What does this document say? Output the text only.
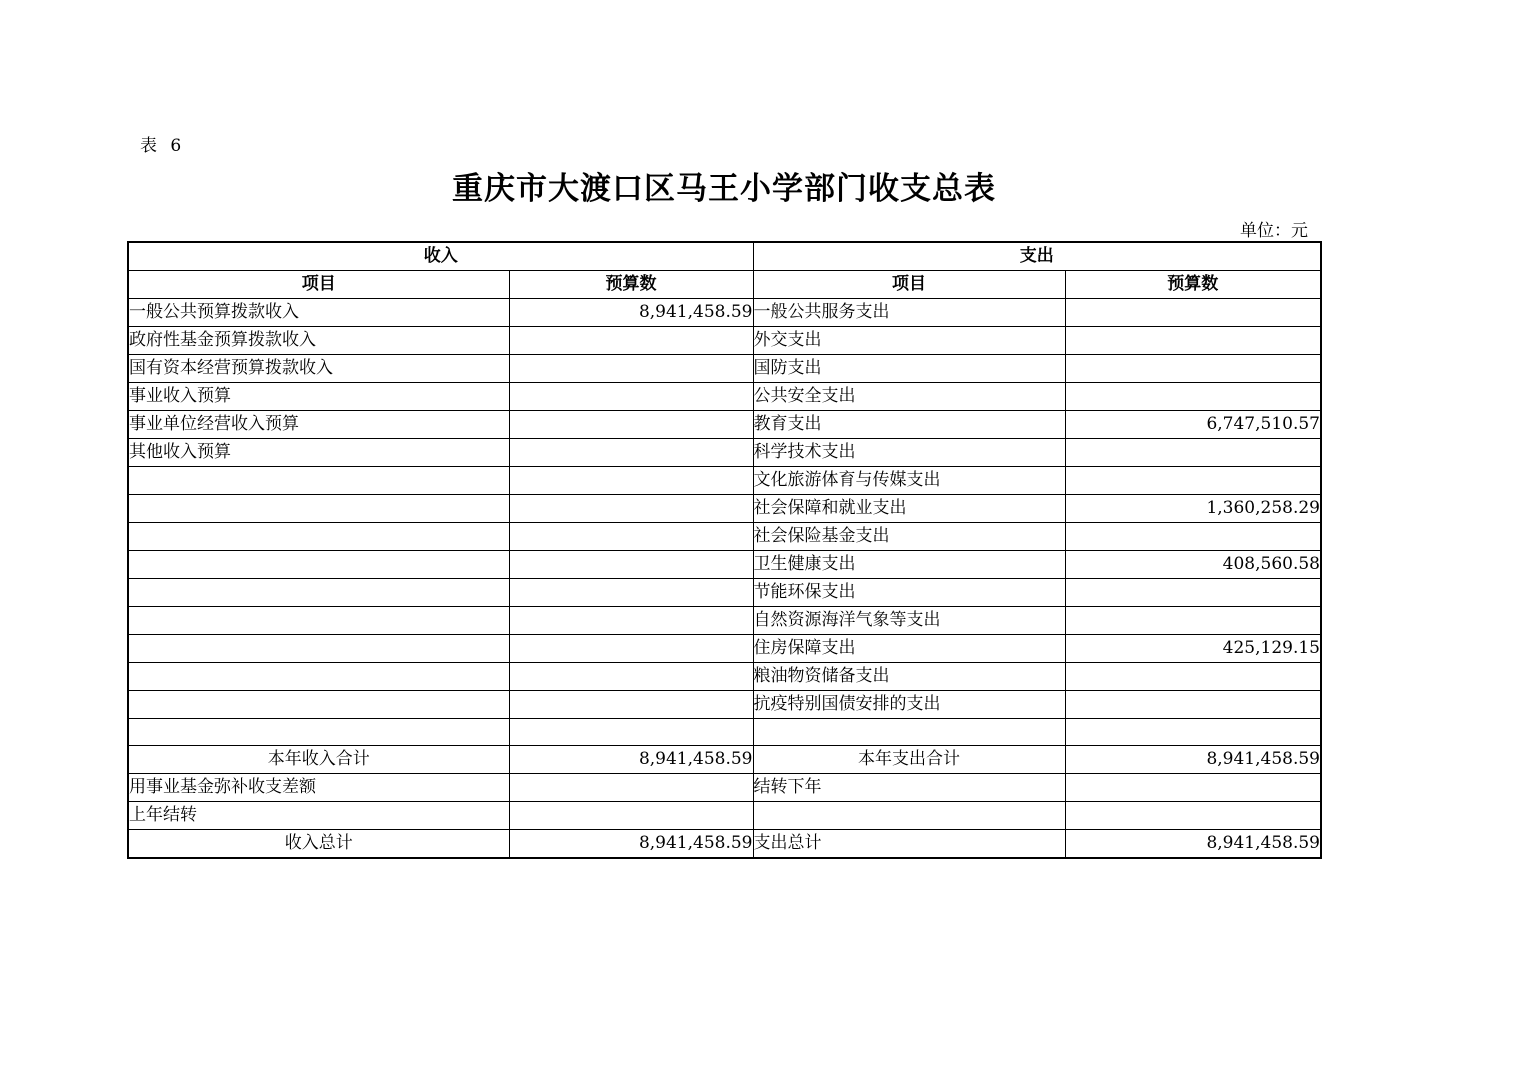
表 6
重庆市大渡口区马王小学部门收支总表
单位：元
收入		支出	
项目	预算数	项目	预算数
一般公共预算拨款收入	8,941,458.59	一般公共服务支出	
政府性基金预算拨款收入		外交支出	
国有资本经营预算拨款收入		国防支出	
事业收入预算		公共安全支出	
事业单位经营收入预算		教育支出	6,747,510.57
其他收入预算		科学技术支出	
		文化旅游体育与传媒支出	
		社会保障和就业支出	1,360,258.29
		社会保险基金支出	
		卫生健康支出	408,560.58
		节能环保支出	
		自然资源海洋气象等支出	
		住房保障支出	425,129.15
		粮油物资储备支出	
		抗疫特别国债安排的支出	

本年收入合计	8,941,458.59	本年支出合计	8,941,458.59
用事业基金弥补收支差额		结转下年	
上年结转			
收入总计	8,941,458.59	支出总计	8,941,458.59
